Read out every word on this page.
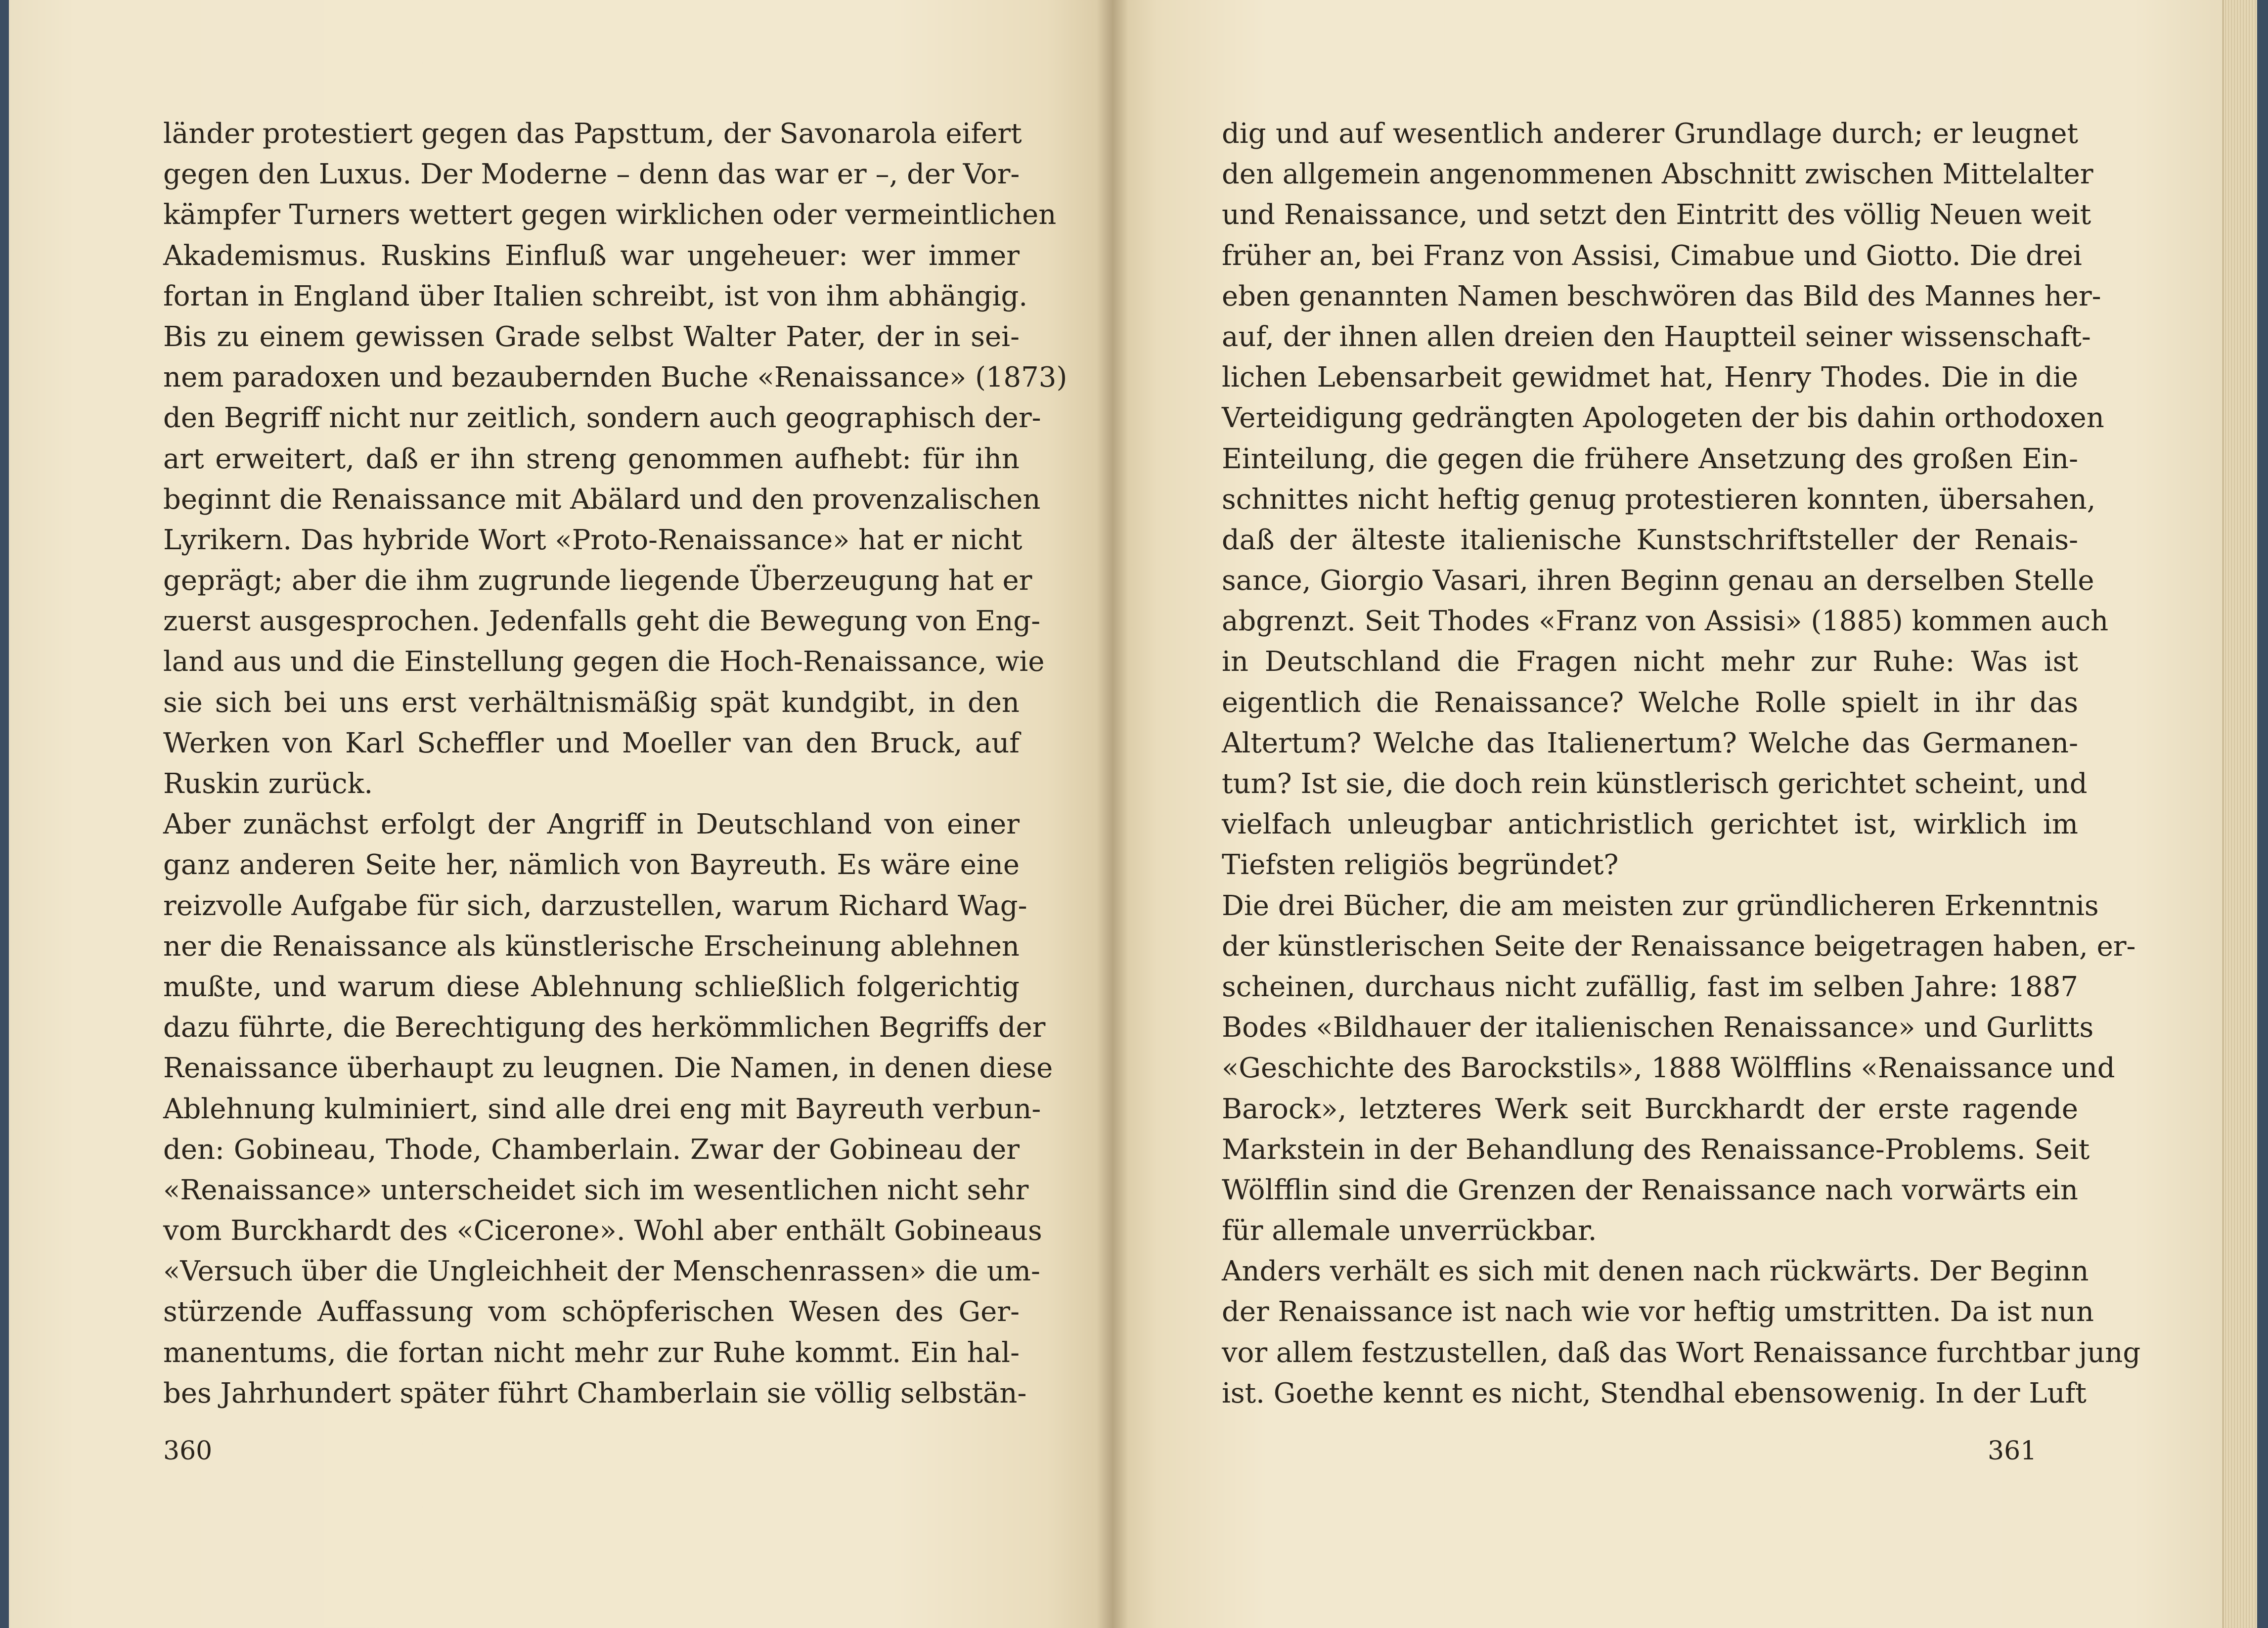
länder protestiert gegen das Papsttum, der Savonarola eifert
gegen den Luxus. Der Moderne – denn das war er –, der Vor-
kämpfer Turners wettert gegen wirklichen oder vermeintlichen
Akademismus. Ruskins Einfluß war ungeheuer: wer immer
fortan in England über Italien schreibt, ist von ihm abhängig.
Bis zu einem gewissen Grade selbst Walter Pater, der in sei-
nem paradoxen und bezaubernden Buche «Renaissance» (1873)
den Begriff nicht nur zeitlich, sondern auch geographisch der-
art erweitert, daß er ihn streng genommen aufhebt: für ihn
beginnt die Renaissance mit Abälard und den provenzalischen
Lyrikern. Das hybride Wort «Proto-Renaissance» hat er nicht
geprägt; aber die ihm zugrunde liegende Überzeugung hat er
zuerst ausgesprochen. Jedenfalls geht die Bewegung von Eng-
land aus und die Einstellung gegen die Hoch-Renaissance, wie
sie sich bei uns erst verhältnismäßig spät kundgibt, in den
Werken von Karl Scheffler und Moeller van den Bruck, auf
Ruskin zurück.
Aber zunächst erfolgt der Angriff in Deutschland von einer
ganz anderen Seite her, nämlich von Bayreuth. Es wäre eine
reizvolle Aufgabe für sich, darzustellen, warum Richard Wag-
ner die Renaissance als künstlerische Erscheinung ablehnen
mußte, und warum diese Ablehnung schließlich folgerichtig
dazu führte, die Berechtigung des herkömmlichen Begriffs der
Renaissance überhaupt zu leugnen. Die Namen, in denen diese
Ablehnung kulminiert, sind alle drei eng mit Bayreuth verbun-
den: Gobineau, Thode, Chamberlain. Zwar der Gobineau der
«Renaissance» unterscheidet sich im wesentlichen nicht sehr
vom Burckhardt des «Cicerone». Wohl aber enthält Gobineaus
«Versuch über die Ungleichheit der Menschenrassen» die um-
stürzende Auffassung vom schöpferischen Wesen des Ger-
manentums, die fortan nicht mehr zur Ruhe kommt. Ein hal-
bes Jahrhundert später führt Chamberlain sie völlig selbstän-
360
dig und auf wesentlich anderer Grundlage durch; er leugnet
den allgemein angenommenen Abschnitt zwischen Mittelalter
und Renaissance, und setzt den Eintritt des völlig Neuen weit
früher an, bei Franz von Assisi, Cimabue und Giotto. Die drei
eben genannten Namen beschwören das Bild des Mannes her-
auf, der ihnen allen dreien den Hauptteil seiner wissenschaft-
lichen Lebensarbeit gewidmet hat, Henry Thodes. Die in die
Verteidigung gedrängten Apologeten der bis dahin orthodoxen
Einteilung, die gegen die frühere Ansetzung des großen Ein-
schnittes nicht heftig genug protestieren konnten, übersahen,
daß der älteste italienische Kunstschriftsteller der Renais-
sance, Giorgio Vasari, ihren Beginn genau an derselben Stelle
abgrenzt. Seit Thodes «Franz von Assisi» (1885) kommen auch
in Deutschland die Fragen nicht mehr zur Ruhe: Was ist
eigentlich die Renaissance? Welche Rolle spielt in ihr das
Altertum? Welche das Italienertum? Welche das Germanen-
tum? Ist sie, die doch rein künstlerisch gerichtet scheint, und
vielfach unleugbar antichristlich gerichtet ist, wirklich im
Tiefsten religiös begründet?
Die drei Bücher, die am meisten zur gründlicheren Erkenntnis
der künstlerischen Seite der Renaissance beigetragen haben, er-
scheinen, durchaus nicht zufällig, fast im selben Jahre: 1887
Bodes «Bildhauer der italienischen Renaissance» und Gurlitts
«Geschichte des Barockstils», 1888 Wölfflins «Renaissance und
Barock», letzteres Werk seit Burckhardt der erste ragende
Markstein in der Behandlung des Renaissance-Problems. Seit
Wölfflin sind die Grenzen der Renaissance nach vorwärts ein
für allemale unverrückbar.
Anders verhält es sich mit denen nach rückwärts. Der Beginn
der Renaissance ist nach wie vor heftig umstritten. Da ist nun
vor allem festzustellen, daß das Wort Renaissance furchtbar jung
ist. Goethe kennt es nicht, Stendhal ebensowenig. In der Luft
361
